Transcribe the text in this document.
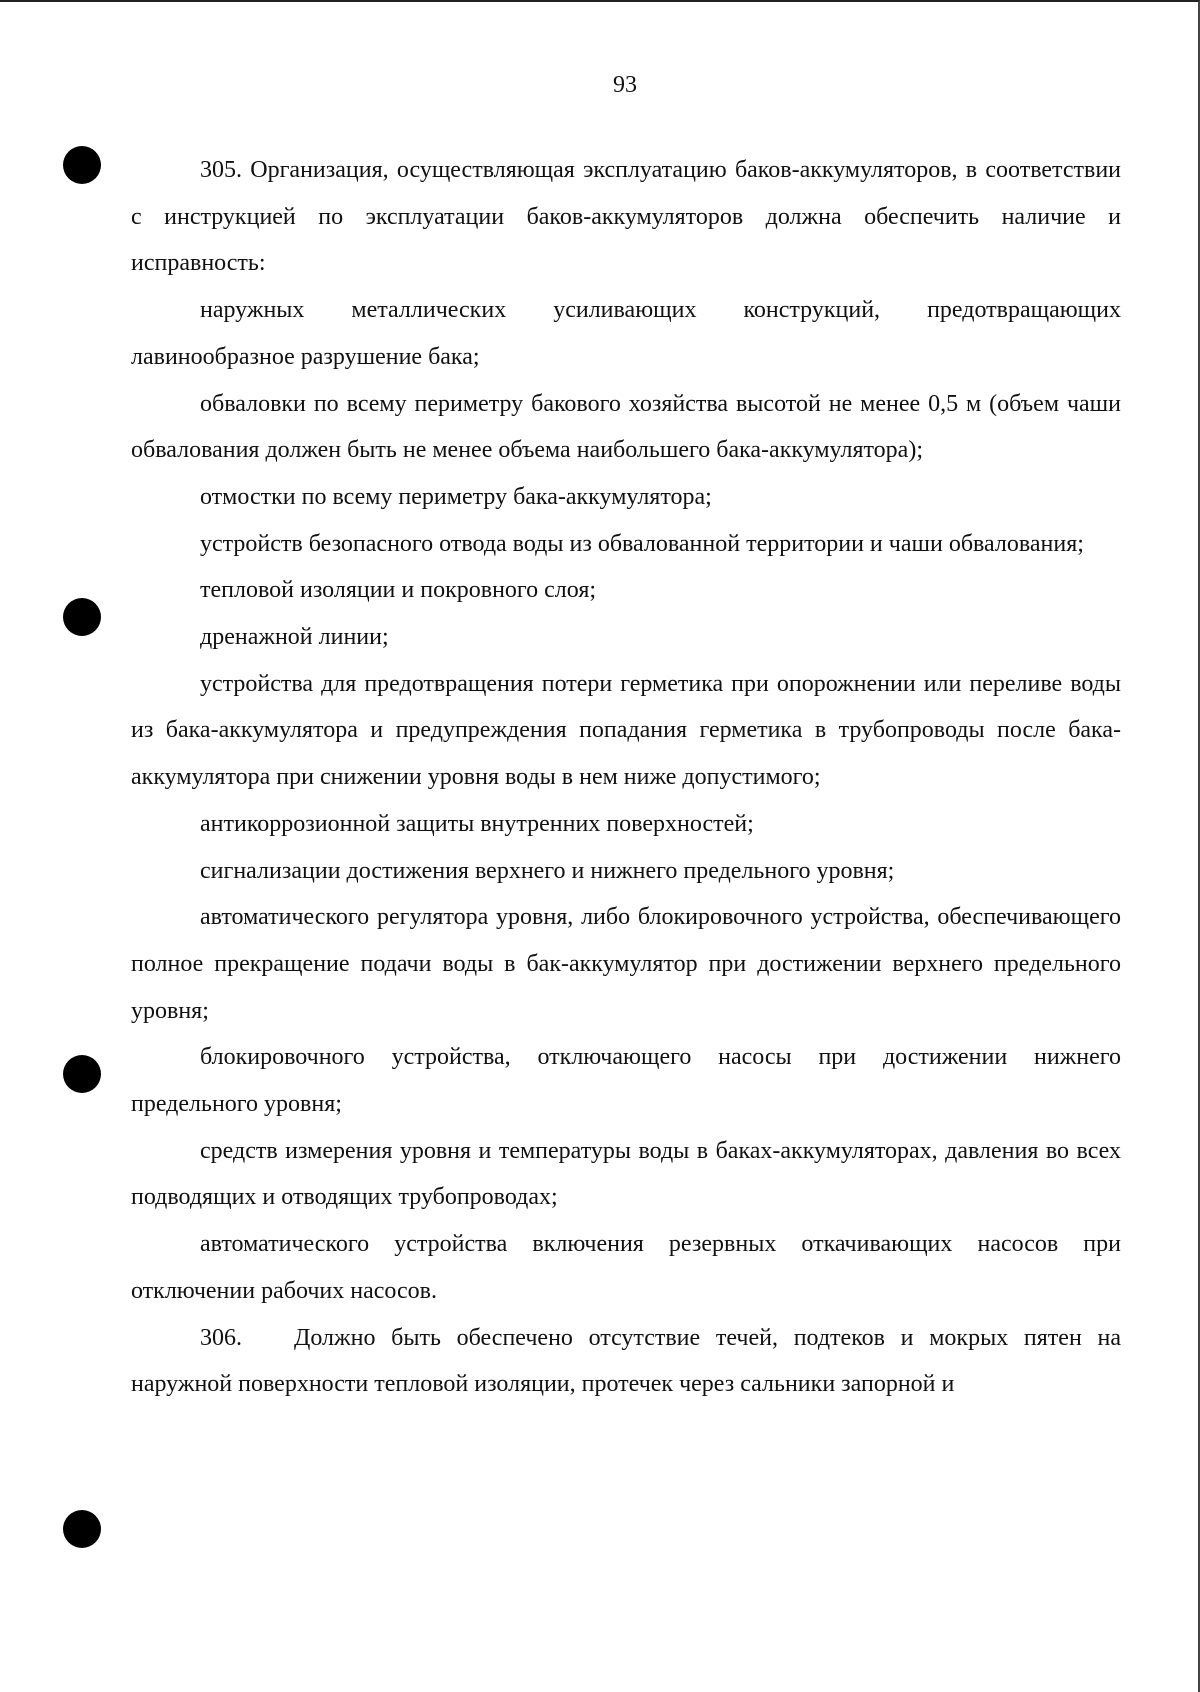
93

305. Организация, осуществляющая эксплуатацию баков-аккумуляторов, в соответствии с инструкцией по эксплуатации баков-аккумуляторов должна обеспечить наличие и исправность:

наружных металлических усиливающих конструкций, предотвращающих лавинообразное разрушение бака;

обваловки по всему периметру бакового хозяйства высотой не менее 0,5 м (объем чаши обвалования должен быть не менее объема наибольшего бака-аккумулятора);

отмостки по всему периметру бака-аккумулятора;

устройств безопасного отвода воды из обвалованной территории и чаши обвалования;

тепловой изоляции и покровного слоя;

дренажной линии;

устройства для предотвращения потери герметика при опорожнении или переливе воды из бака-аккумулятора и предупреждения попадания герметика в трубопроводы после бака-аккумулятора при снижении уровня воды в нем ниже допустимого;

антикоррозионной защиты внутренних поверхностей;

сигнализации достижения верхнего и нижнего предельного уровня;

автоматического регулятора уровня, либо блокировочного устройства, обеспечивающего полное прекращение подачи воды в бак-аккумулятор при достижении верхнего предельного уровня;

блокировочного устройства, отключающего насосы при достижении нижнего предельного уровня;

средств измерения уровня и температуры воды в баках-аккумуляторах, давления во всех подводящих и отводящих трубопроводах;

автоматического устройства включения резервных откачивающих насосов при отключении рабочих насосов.

306. Должно быть обеспечено отсутствие течей, подтеков и мокрых пятен на наружной поверхности тепловой изоляции, протечек через сальники запорной и
